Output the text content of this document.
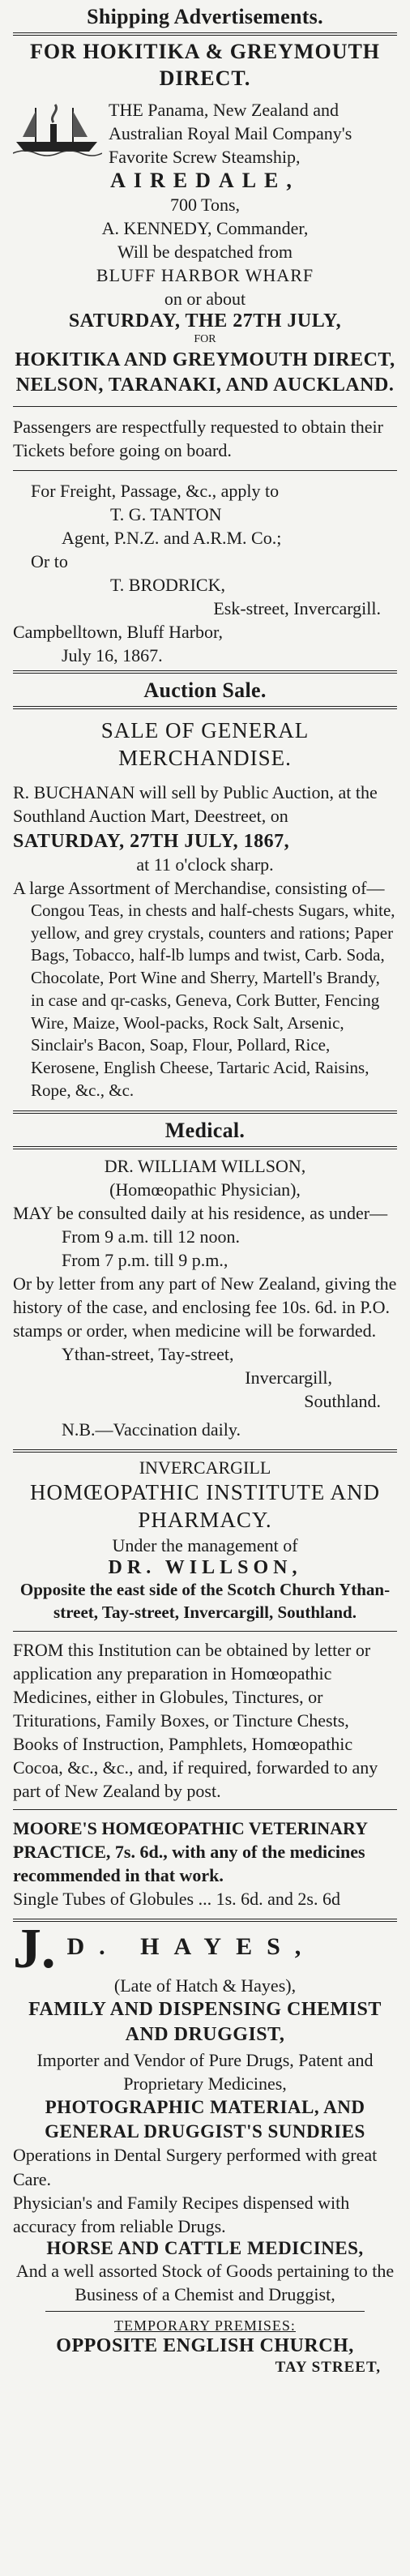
Shipping Advertisements.
FOR HOKITIKA & GREYMOUTH DIRECT.

THE Panama, New Zealand and Australian Royal Mail Company's Favorite Screw Steamship,

AIREDALE,

700 Tons,

A. KENNEDY, Commander,

Will be despatched from

BLUFF HARBOR WHARF

on or about

SATURDAY, THE 27TH JULY,

FOR

HOKITIKA AND GREYMOUTH DIRECT, NELSON, TARANAKI, AND AUCKLAND.

Passengers are respectfully requested to obtain their Tickets before going on board.

For Freight, Passage, &c., apply to

T. G. TANTON

Agent, P.N.Z. and A.R.M. Co.;

Or to

T. BRODRICK,

Esk-street, Invercargill.

Campbelltown, Bluff Harbor,

July 16, 1867.

Auction Sale.
SALE OF GENERAL MERCHANDISE.

R. BUCHANAN will sell by Public Auction, at the Southland Auction Mart, Deestreet, on

SATURDAY, 27TH JULY, 1867,

at 11 o'clock sharp.

A large Assortment of Merchandise, consisting of—

Congou Teas, in chests and half-chests Sugars, white, yellow, and grey crystals, counters and rations; Paper Bags, Tobacco, half-lb lumps and twist, Carb. Soda, Chocolate, Port Wine and Sherry, Martell's Brandy, in case and qr-casks, Geneva, Cork Butter, Fencing Wire, Maize, Wool-packs, Rock Salt, Arsenic, Sinclair's Bacon, Soap, Flour, Pollard, Rice, Kerosene, English Cheese, Tartaric Acid, Raisins, Rope, &c., &c.

Medical.

DR. WILLIAM WILLSON,

(Homœopathic Physician),

MAY be consulted daily at his residence, as under—

From 9 a.m. till 12 noon.

From 7 p.m. till 9 p.m.,

Or by letter from any part of New Zealand, giving the history of the case, and enclosing fee 10s. 6d. in P.O. stamps or order, when medicine will be forwarded.

Ythan-street, Tay-street,

Invercargill,

Southland.

N.B.—Vaccination daily.

INVERCARGILL

HOMŒOPATHIC INSTITUTE AND PHARMACY.

Under the management of

DR. WILLSON,

Opposite the east side of the Scotch Church Ythan-street, Tay-street, Invercargill, Southland.

FROM this Institution can be obtained by letter or application any preparation in Homœopathic Medicines, either in Globules, Tinctures, or Triturations, Family Boxes, or Tincture Chests, Books of Instruction, Pamphlets, Homœopathic Cocoa, &c., &c., and, if required, forwarded to any part of New Zealand by post.

MOORE'S HOMŒOPATHIC VETERINARY PRACTICE, 7s. 6d., with any of the medicines recommended in that work.

Single Tubes of Globules ... 1s. 6d. and 2s. 6d

J. D. HAYES,

(Late of Hatch & Hayes),

FAMILY AND DISPENSING CHEMIST AND DRUGGIST,

Importer and Vendor of Pure Drugs, Patent and Proprietary Medicines,

PHOTOGRAPHIC MATERIAL, AND GENERAL DRUGGIST'S SUNDRIES

Operations in Dental Surgery performed with great Care.

Physician's and Family Recipes dispensed with accuracy from reliable Drugs.

HORSE AND CATTLE MEDICINES,

And a well assorted Stock of Goods pertaining to the Business of a Chemist and Druggist,

TEMPORARY PREMISES:

OPPOSITE ENGLISH CHURCH,

TAY STREET,
